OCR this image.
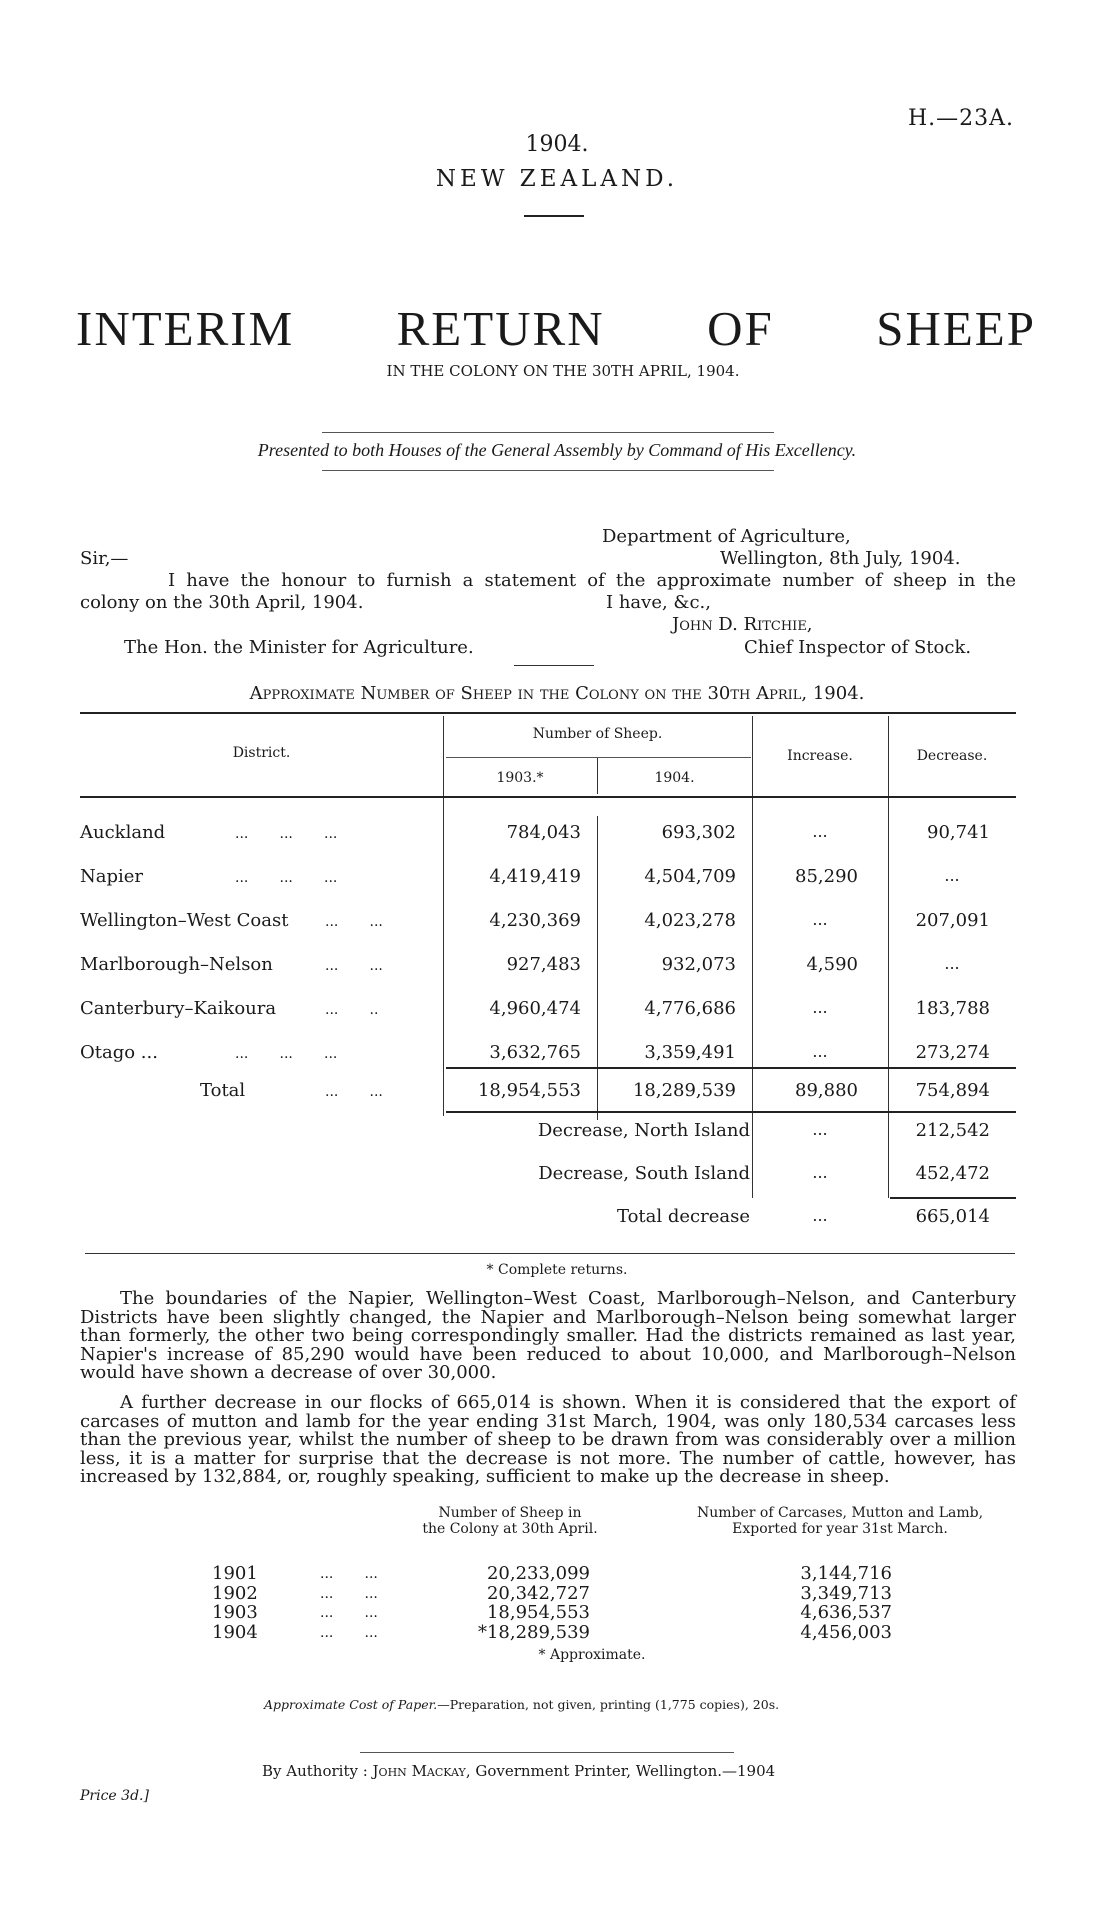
H.—23A.
1904.
NEW ZEALAND.
INTERIM RETURN OF SHEEP
IN THE COLONY ON THE 30TH APRIL, 1904.
Presented to both Houses of the General Assembly by Command of His Excellency.
Department of Agriculture,
Sir,—	Wellington, 8th July, 1904.
I have the honour to furnish a statement of the approximate number of sheep in the
colony on the 30th April, 1904.	I have, &c.,
John D. Ritchie,
The Hon. the Minister for Agriculture.	Chief Inspector of Stock.
Approximate Number of Sheep in the Colony on the 30th April, 1904.
District.
Number of Sheep.
1903.*	1904.
Increase.	Decrease.
Auckland	...       ...       ...	784,043	693,302	...	90,741
Napier	...       ...       ...	4,419,419	4,504,709	85,290	...
Wellington–West Coast	...       ...	4,230,369	4,023,278	...	207,091
Marlborough–Nelson	...       ...	927,483	932,073	4,590	...
Canterbury–Kaikoura	...       ..	4,960,474	4,776,686	...	183,788
Otago ...	...       ...       ...	3,632,765	3,359,491	...	273,274
Total	...       ...	18,954,553	18,289,539	89,880	754,894
Decrease, North Island	...	212,542
Decrease, South Island	...	452,472
Total decrease	...	665,014
* Complete returns.

The boundaries of the Napier, Wellington–West Coast, Marlborough–Nelson, and Canterbury Districts have been slightly changed, the Napier and Marlborough–Nelson being somewhat larger than formerly, the other two being correspondingly smaller. Had the districts remained as last year, Napier's increase of 85,290 would have been reduced to about 10,000, and Marlborough–Nelson would have shown a decrease of over 30,000.

A further decrease in our flocks of 665,014 is shown. When it is considered that the export of carcases of mutton and lamb for the year ending 31st March, 1904, was only 180,534 carcases less than the previous year, whilst the number of sheep to be drawn from was considerably over a million less, it is a matter for surprise that the decrease is not more. The number of cattle, however, has increased by 132,884, or, roughly speaking, sufficient to make up the decrease in sheep.

Number of Sheep in
the Colony at 30th April.
Number of Carcases, Mutton and Lamb,
Exported for year 31st March.
1901	...       ...	20,233,099	3,144,716
1902	...       ...	20,342,727	3,349,713
1903	...       ...	18,954,553	4,636,537
1904	...       ...	*18,289,539	4,456,003
* Approximate.
Approximate Cost of Paper.—Preparation, not given, printing (1,775 copies), 20s.
By Authority : John Mackay, Government Printer, Wellington.—1904
Price 3d.]
